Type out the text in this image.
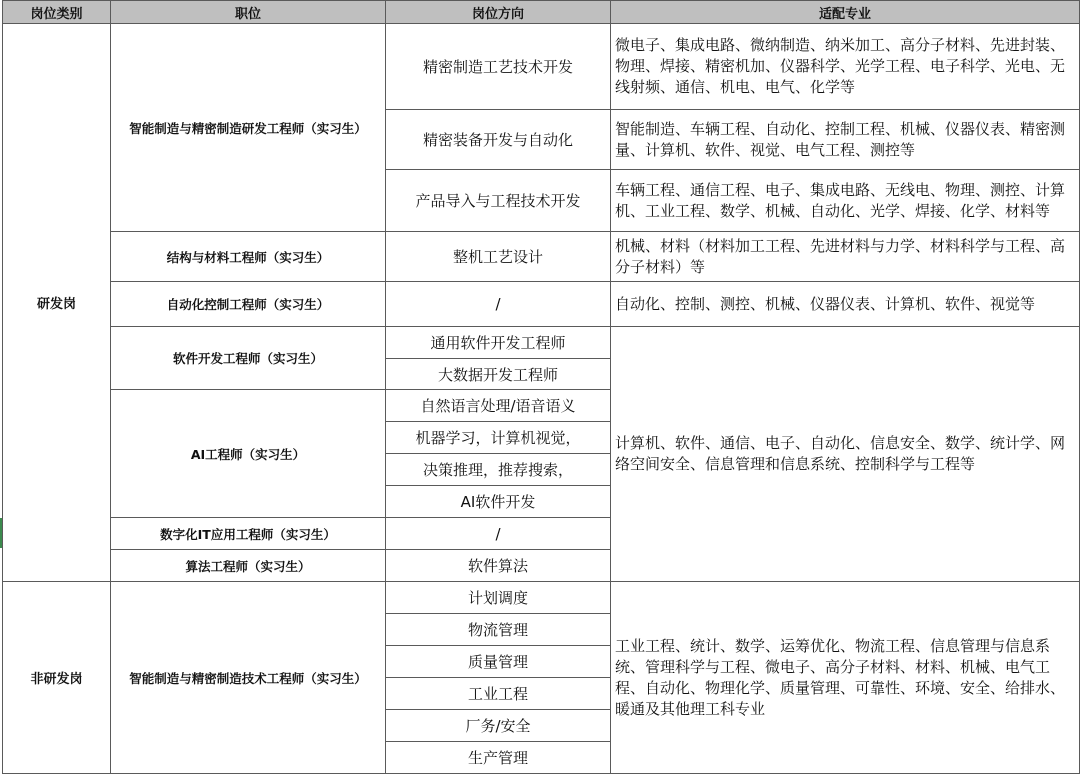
岗位类别	职位	岗位方向	适配专业
研发岗	智能制造与精密制造研发工程师（实习生）	精密制造工艺技术开发	微电子、集成电路、微纳制造、纳米加工、高分子材料、先进封装、物理、焊接、精密机加、仪器科学、光学工程、电子科学、光电、无线射频、通信、机电、电气、化学等
		精密装备开发与自动化	智能制造、车辆工程、自动化、控制工程、机械、仪器仪表、精密测量、计算机、软件、视觉、电气工程、测控等
		产品导入与工程技术开发	车辆工程、通信工程、电子、集成电路、无线电、物理、测控、计算机、工业工程、数学、机械、自动化、光学、焊接、化学、材料等
	结构与材料工程师（实习生）	整机工艺设计	机械、材料（材料加工工程、先进材料与力学、材料科学与工程、高分子材料）等
	自动化控制工程师（实习生）	/	自动化、控制、测控、机械、仪器仪表、计算机、软件、视觉等
	软件开发工程师（实习生）	通用软件开发工程师	计算机、软件、通信、电子、自动化、信息安全、数学、统计学、网络空间安全、信息管理和信息系统、控制科学与工程等
		大数据开发工程师	
	AI工程师（实习生）	自然语言处理/语音语义	
		机器学习，计算机视觉，	
		决策推理，推荐搜索，	
		AI软件开发	
	数字化IT应用工程师（实习生）	/	
	算法工程师（实习生）	软件算法	

非研发岗	智能制造与精密制造技术工程师（实习生）	计划调度	工业工程、统计、数学、运筹优化、物流工程、信息管理与信息系统、管理科学与工程、微电子、高分子材料、材料、机械、电气工程、自动化、物理化学、质量管理、可靠性、环境、安全、给排水、暖通及其他理工科专业
		物流管理	
		质量管理	
		工业工程	
		厂务/安全	
		生产管理	
